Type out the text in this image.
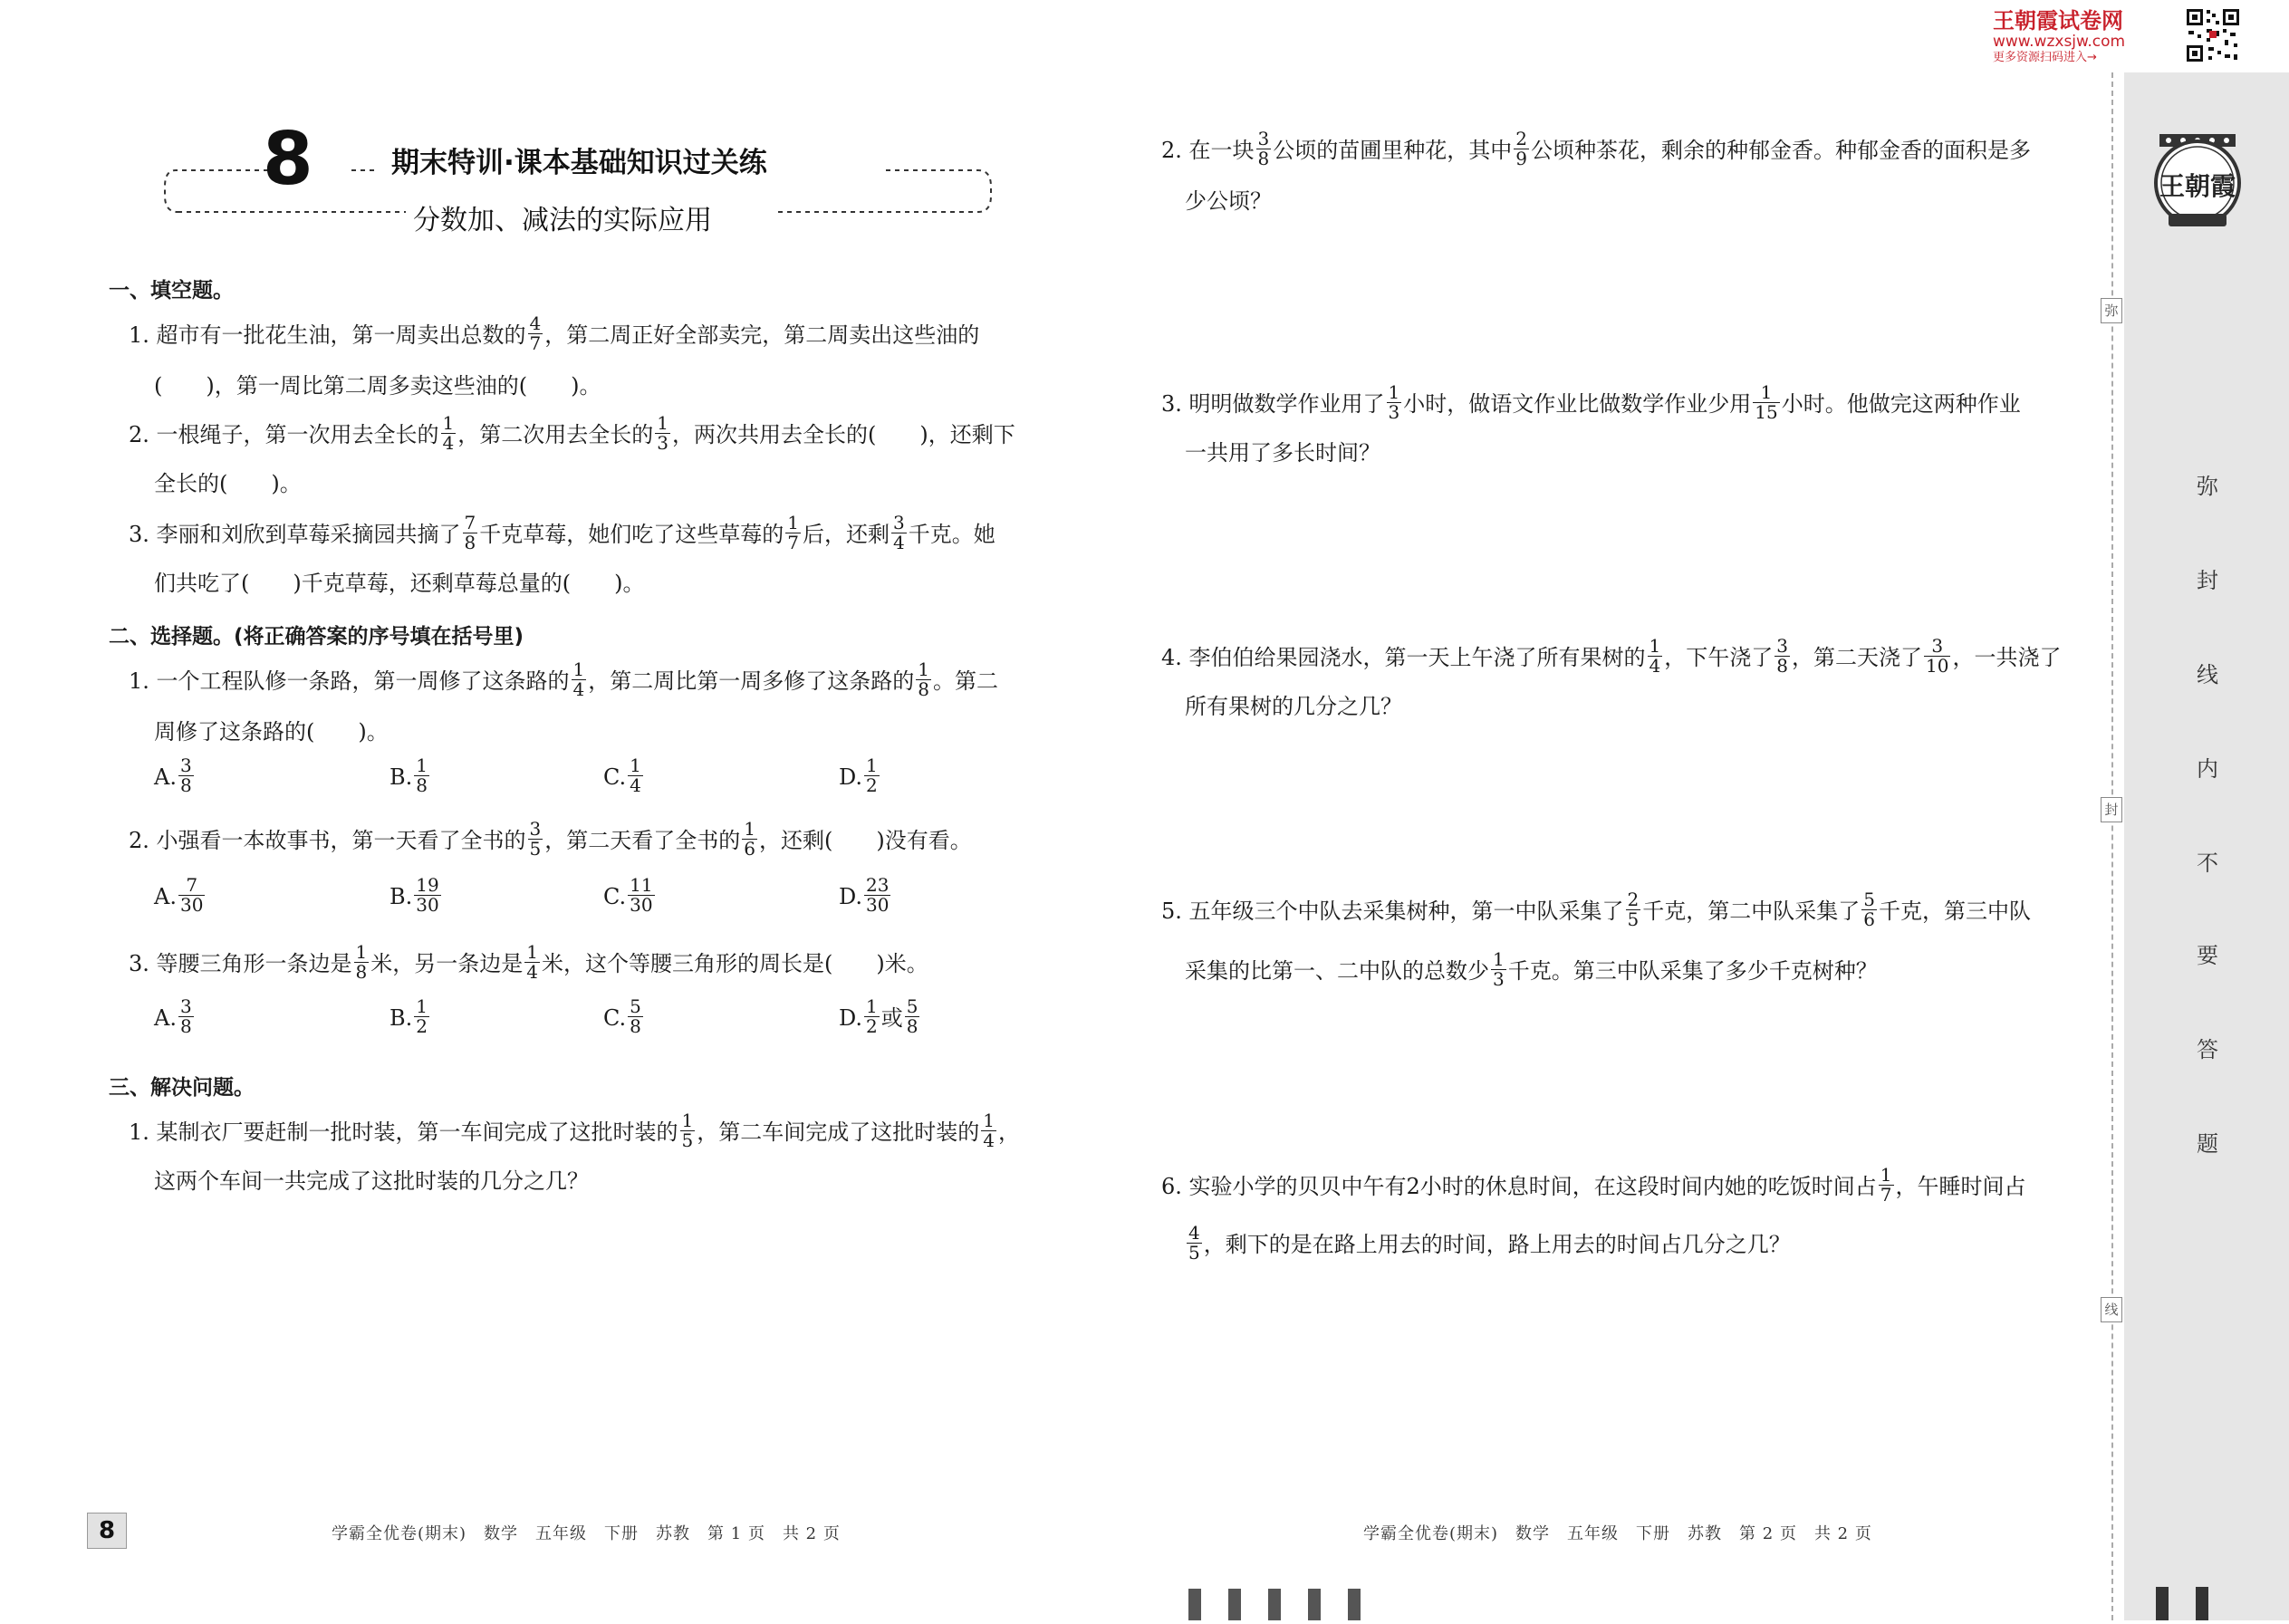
王朝霞试卷网
www.wzxsjw.com
更多资源扫码进入→
王朝霞
弥
封
线
内
不
要
答
题
弥
封
线
8	期末特训·课本基础知识过关练
分数加、减法的实际应用
一、填空题。
1. 超市有一批花生油，第一周卖出总数的 $\frac{4}{7}$ ，第二周正好全部卖完，第二周卖出这些油的
(　　)，第一周比第二周多卖这些油的(　　)。
2. 一根绳子，第一次用去全长的 $\frac{1}{4}$ ，第二次用去全长的 $\frac{1}{3}$ ，两次共用去全长的(　　)，还剩下
全长的(　　)。
3. 李丽和刘欣到草莓采摘园共摘了 $\frac{7}{8}$ 千克草莓，她们吃了这些草莓的 $\frac{1}{7}$ 后，还剩 $\frac{3}{4}$ 千克。她
们共吃了(　　)千克草莓，还剩草莓总量的(　　)。
二、选择题。(将正确答案的序号填在括号里)
1. 一个工程队修一条路，第一周修了这条路的 $\frac{1}{4}$ ，第二周比第一周多修了这条路的 $\frac{1}{8}$ 。第二
周修了这条路的(　　)。
A. $\frac{3}{8}$	B. $\frac{1}{8}$	C. $\frac{1}{4}$	D. $\frac{1}{2}$
2. 小强看一本故事书，第一天看了全书的 $\frac{3}{5}$ ，第二天看了全书的 $\frac{1}{6}$ ，还剩(　　)没有看。
A. $\frac{7}{30}$	B. $\frac{19}{30}$	C. $\frac{11}{30}$	D. $\frac{23}{30}$
3. 等腰三角形一条边是 $\frac{1}{8}$ 米，另一条边是 $\frac{1}{4}$ 米，这个等腰三角形的周长是(　　)米。
A. $\frac{3}{8}$	B. $\frac{1}{2}$	C. $\frac{5}{8}$	D. $\frac{1}{2}$ 或 $\frac{5}{8}$
三、解决问题。
1. 某制衣厂要赶制一批时装，第一车间完成了这批时装的 $\frac{1}{5}$ ，第二车间完成了这批时装的 $\frac{1}{4}$ ，
这两个车间一共完成了这批时装的几分之几？
2. 在一块 $\frac{3}{8}$ 公顷的苗圃里种花，其中 $\frac{2}{9}$ 公顷种茶花，剩余的种郁金香。种郁金香的面积是多
少公顷？
3. 明明做数学作业用了 $\frac{1}{3}$ 小时，做语文作业比做数学作业少用 $\frac{1}{15}$ 小时。他做完这两种作业
一共用了多长时间？
4. 李伯伯给果园浇水，第一天上午浇了所有果树的 $\frac{1}{4}$ ，下午浇了 $\frac{3}{8}$ ，第二天浇了 $\frac{3}{10}$ ，一共浇了
所有果树的几分之几？
5. 五年级三个中队去采集树种，第一中队采集了 $\frac{2}{5}$ 千克，第二中队采集了 $\frac{5}{6}$ 千克，第三中队
采集的比第一、二中队的总数少 $\frac{1}{3}$ 千克。第三中队采集了多少千克树种？
6. 实验小学的贝贝中午有2小时的休息时间，在这段时间内她的吃饭时间占 $\frac{1}{7}$ ，午睡时间占
$\frac{4}{5}$ ，剩下的是在路上用去的时间，路上用去的时间占几分之几？
8	学霸全优卷(期末)　数学　五年级　下册　苏教　第 1 页　共 2 页	学霸全优卷(期末)　数学　五年级　下册　苏教　第 2 页　共 2 页
